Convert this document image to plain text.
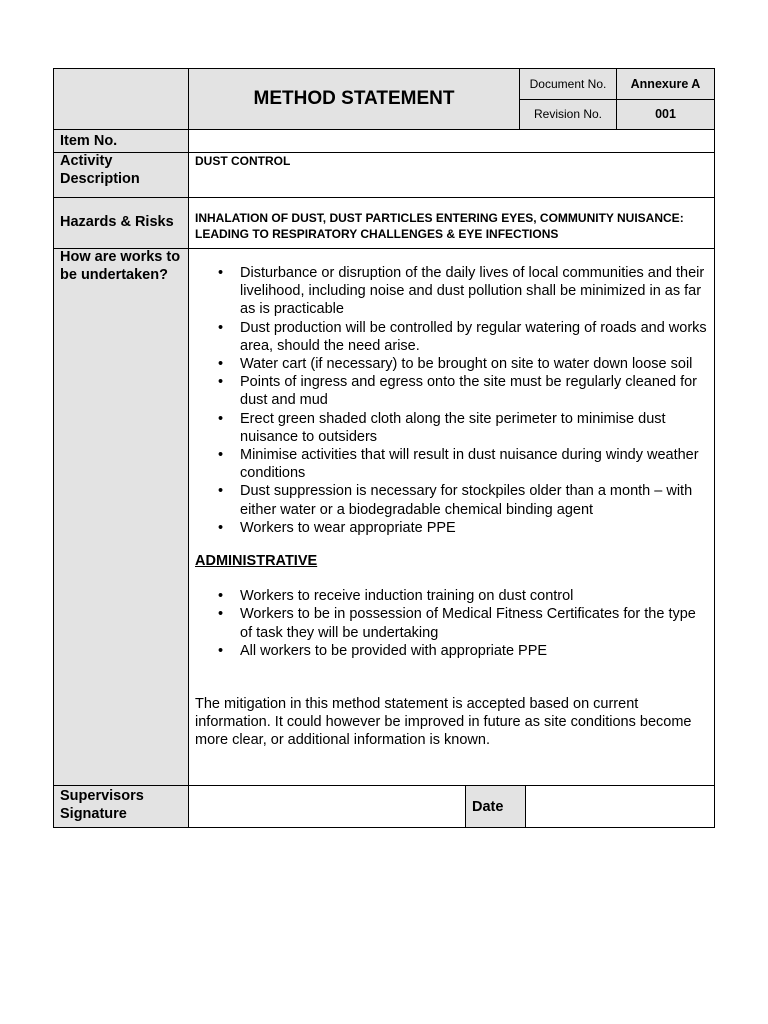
METHOD STATEMENT
Document No.	Annexure A
Revision No.	001
Item No.
Activity Description
DUST CONTROL
Hazards & Risks	INHALATION OF DUST, DUST PARTICLES ENTERING EYES, COMMUNITY NUISANCE: LEADING TO RESPIRATORY CHALLENGES & EYE INFECTIONS
How are works to be undertaken?
•	Disturbance or disruption of the daily lives of local communities and their livelihood, including noise and dust pollution shall be minimized in as far as is practicable
• Dust production will be controlled by regular watering of roads and works area, should the need arise.
• Water cart (if necessary) to be brought on site to water down loose soil
• Points of ingress and egress onto the site must be regularly cleaned for dust and mud
• Erect green shaded cloth along the site perimeter to minimise dust nuisance to outsiders
• Minimise activities that will result in dust nuisance during windy weather conditions
• Dust suppression is necessary for stockpiles older than a month – with either water or a biodegradable chemical binding agent
• Workers to wear appropriate PPE
ADMINISTRATIVE
• Workers to receive induction training on dust control
• Workers to be in possession of Medical Fitness Certificates for the type of task they will be undertaking
• All workers to be provided with appropriate PPE
The mitigation in this method statement is accepted based on current information. It could however be improved in future as site conditions become more clear, or additional information is known.
Supervisors Signature	Date
